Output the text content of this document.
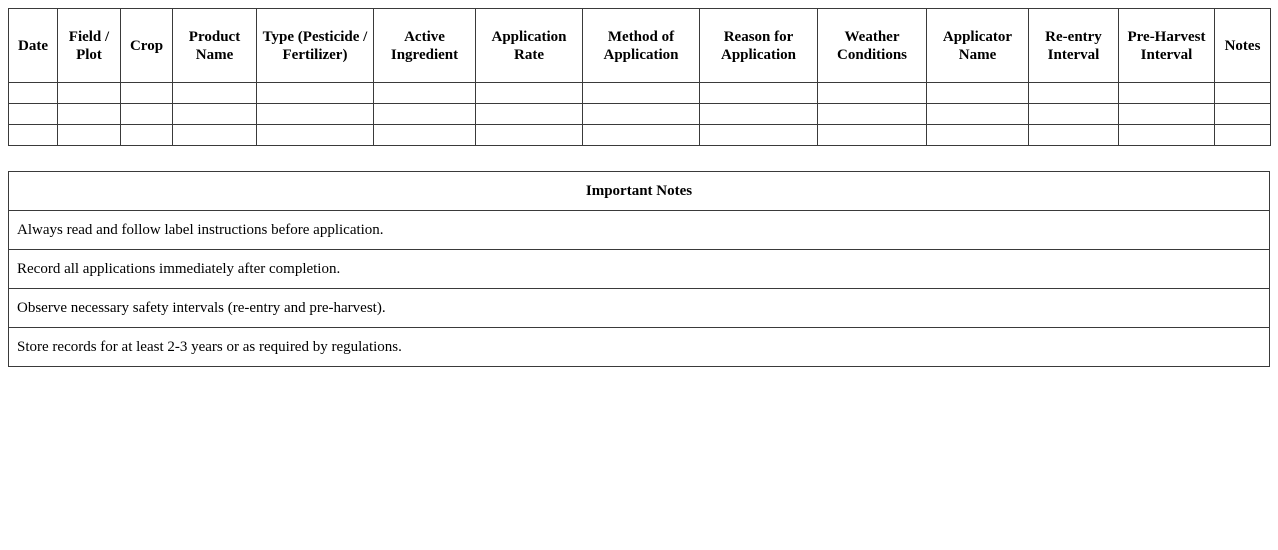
Date	Field / Plot	Crop	Product Name	Type (Pesticide / Fertilizer)	Active Ingredient	Application Rate	Method of Application	Reason for Application	Weather Conditions	Applicator Name	Re-entry Interval	Pre-Harvest Interval	Notes

Important Notes
Always read and follow label instructions before application.
Record all applications immediately after completion.
Observe necessary safety intervals (re-entry and pre-harvest).
Store records for at least 2-3 years or as required by regulations.
